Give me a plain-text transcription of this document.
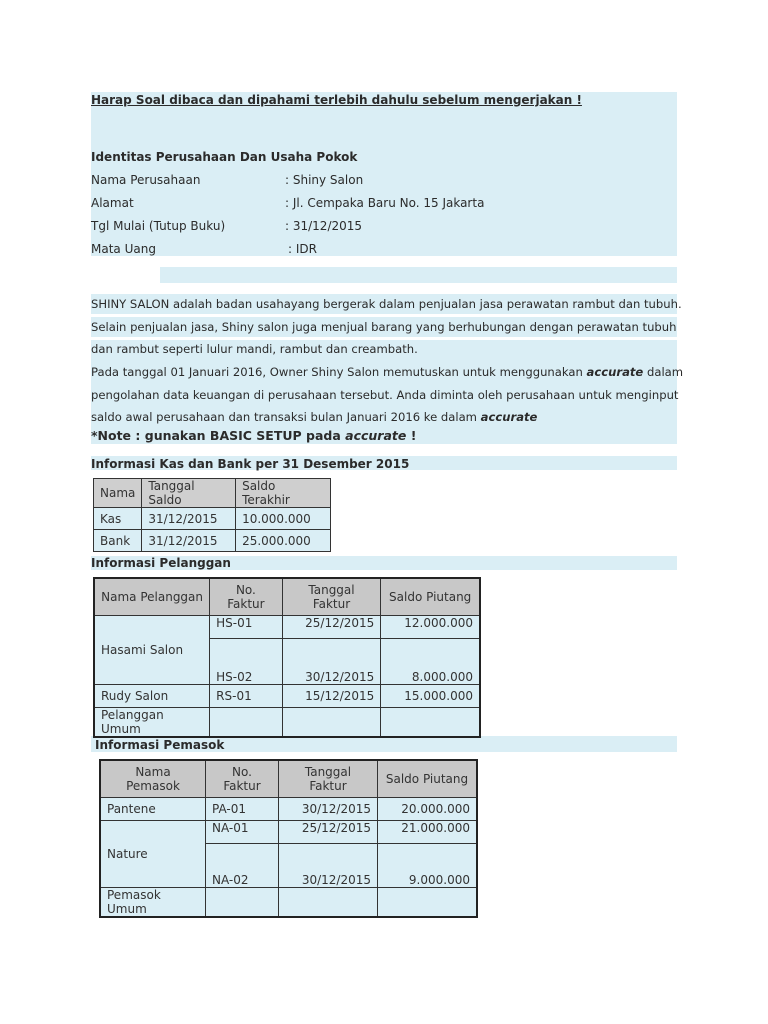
Harap Soal dibaca dan dipahami terlebih dahulu sebelum mengerjakan !
Identitas Perusahaan Dan Usaha Pokok
Nama Perusahaan	: Shiny Salon
Alamat	: Jl. Cempaka Baru No. 15 Jakarta
Tgl Mulai (Tutup Buku)	: 31/12/2015
Mata Uang	: IDR
SHINY SALON adalah badan usahayang bergerak dalam penjualan jasa perawatan rambut dan tubuh.
Selain penjualan jasa, Shiny salon juga menjual barang yang berhubungan dengan perawatan tubuh
dan rambut seperti lulur mandi, rambut dan creambath.
Pada tanggal 01 Januari 2016, Owner Shiny Salon memutuskan untuk menggunakan accurate dalam
pengolahan data keuangan di perusahaan tersebut. Anda diminta oleh perusahaan untuk menginput
saldo awal perusahaan dan transaksi bulan Januari 2016 ke dalam accurate
*Note : gunakan BASIC SETUP pada accurate !
Informasi Kas dan Bank per 31 Desember 2015
Nama	Tanggal Saldo	Saldo Terakhir
Kas	31/12/2015	10.000.000
Bank	31/12/2015	25.000.000
Informasi Pelanggan
Nama Pelanggan	No. Faktur	Tanggal Faktur	Saldo Piutang
Hasami Salon	HS-01	25/12/2015	12.000.000
	HS-02	30/12/2015	8.000.000
Rudy Salon	RS-01	15/12/2015	15.000.000
Pelanggan Umum			
Informasi Pemasok
Nama Pemasok	No. Faktur	Tanggal Faktur	Saldo Piutang
Pantene	PA-01	30/12/2015	20.000.000
Nature	NA-01	25/12/2015	21.000.000
	NA-02	30/12/2015	9.000.000
Pemasok Umum			
